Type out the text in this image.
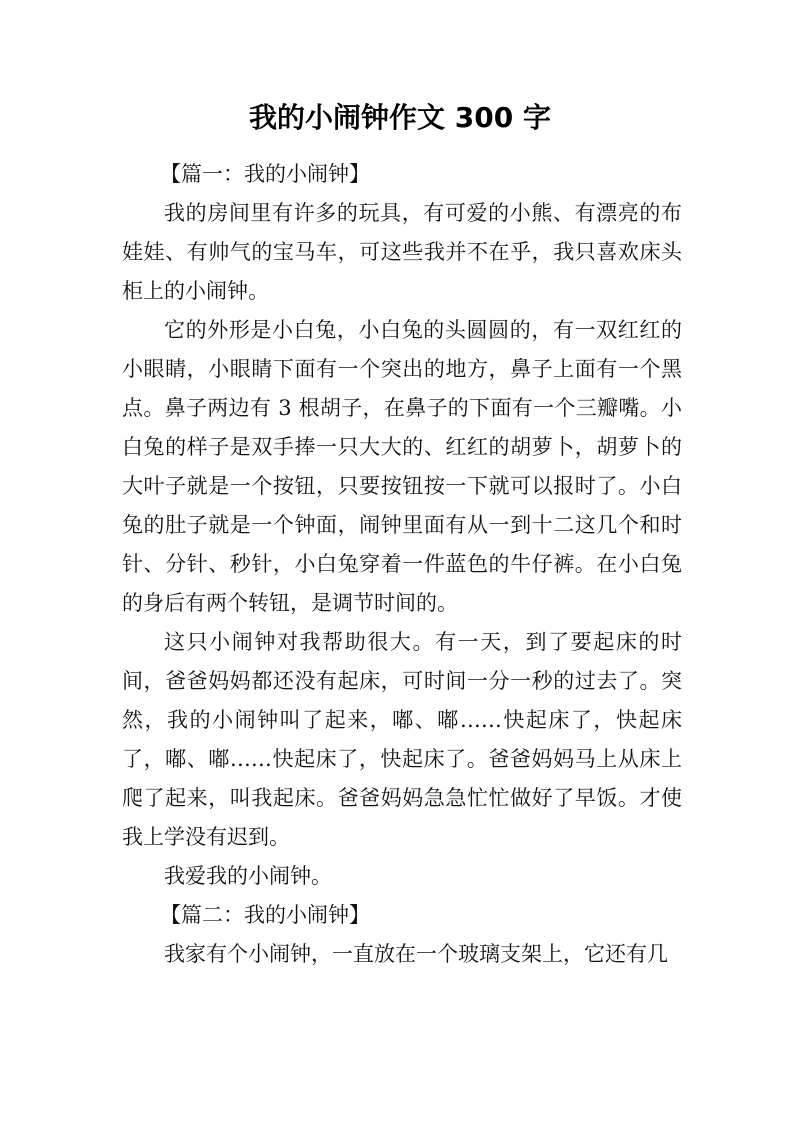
我的小闹钟作文 300 字

【篇一：我的小闹钟】

我的房间里有许多的玩具，有可爱的小熊、有漂亮的布娃娃、有帅气的宝马车，可这些我并不在乎，我只喜欢床头柜上的小闹钟。

它的外形是小白兔，小白兔的头圆圆的，有一双红红的小眼睛，小眼睛下面有一个突出的地方，鼻子上面有一个黑点。鼻子两边有 3 根胡子，在鼻子的下面有一个三瓣嘴。小白兔的样子是双手捧一只大大的、红红的胡萝卜，胡萝卜的大叶子就是一个按钮，只要按钮按一下就可以报时了。小白兔的肚子就是一个钟面，闹钟里面有从一到十二这几个和时针、分针、秒针，小白兔穿着一件蓝色的牛仔裤。在小白兔的身后有两个转钮，是调节时间的。

这只小闹钟对我帮助很大。有一天，到了要起床的时间，爸爸妈妈都还没有起床，可时间一分一秒的过去了。突然，我的小闹钟叫了起来，嘟、嘟……快起床了，快起床了，嘟、嘟……快起床了，快起床了。爸爸妈妈马上从床上爬了起来，叫我起床。爸爸妈妈急急忙忙做好了早饭。才使我上学没有迟到。

我爱我的小闹钟。

【篇二：我的小闹钟】

我家有个小闹钟，一直放在一个玻璃支架上，它还有几
